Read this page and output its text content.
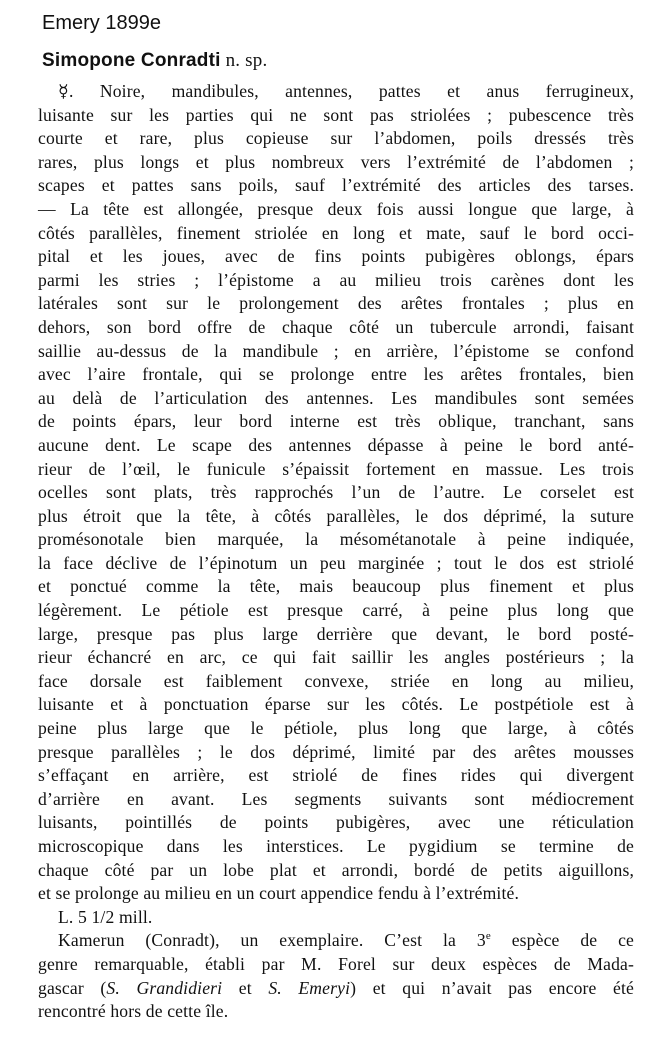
Emery 1899e
Simopone Conradti n. sp.
☿. Noire, mandibules, antennes, pattes et anus ferrugineux,
luisante sur les parties qui ne sont pas striolées ; pubescence très
courte et rare, plus copieuse sur l’abdomen, poils dressés très
rares, plus longs et plus nombreux vers l’extrémité de l’abdomen ;
scapes et pattes sans poils, sauf l’extrémité des articles des tarses.
— La tête est allongée, presque deux fois aussi longue que large, à
côtés parallèles, finement striolée en long et mate, sauf le bord occi-
pital et les joues, avec de fins points pubigères oblongs, épars
parmi les stries ; l’épistome a au milieu trois carènes dont les
latérales sont sur le prolongement des arêtes frontales ; plus en
dehors, son bord offre de chaque côté un tubercule arrondi, faisant
saillie au-dessus de la mandibule ; en arrière, l’épistome se confond
avec l’aire frontale, qui se prolonge entre les arêtes frontales, bien
au delà de l’articulation des antennes. Les mandibules sont semées
de points épars, leur bord interne est très oblique, tranchant, sans
aucune dent. Le scape des antennes dépasse à peine le bord anté-
rieur de l’œil, le funicule s’épaissit fortement en massue. Les trois
ocelles sont plats, très rapprochés l’un de l’autre. Le corselet est
plus étroit que la tête, à côtés parallèles, le dos déprimé, la suture
promésonotale bien marquée, la mésométanotale à peine indiquée,
la face déclive de l’épinotum un peu marginée ; tout le dos est striolé
et ponctué comme la tête, mais beaucoup plus finement et plus
légèrement. Le pétiole est presque carré, à peine plus long que
large, presque pas plus large derrière que devant, le bord posté-
rieur échancré en arc, ce qui fait saillir les angles postérieurs ; la
face dorsale est faiblement convexe, striée en long au milieu,
luisante et à ponctuation éparse sur les côtés. Le postpétiole est à
peine plus large que le pétiole, plus long que large, à côtés
presque parallèles ; le dos déprimé, limité par des arêtes mousses
s’effaçant en arrière, est striolé de fines rides qui divergent
d’arrière en avant. Les segments suivants sont médiocrement
luisants, pointillés de points pubigères, avec une réticulation
microscopique dans les interstices. Le pygidium se termine de
chaque côté par un lobe plat et arrondi, bordé de petits aiguillons,
et se prolonge au milieu en un court appendice fendu à l’extrémité.
L. 5 1/2 mill.
Kamerun (Conradt), un exemplaire. C’est la 3e espèce de ce
genre remarquable, établi par M. Forel sur deux espèces de Mada-
gascar (S. Grandidieri et S. Emeryi) et qui n’avait pas encore été
rencontré hors de cette île.
